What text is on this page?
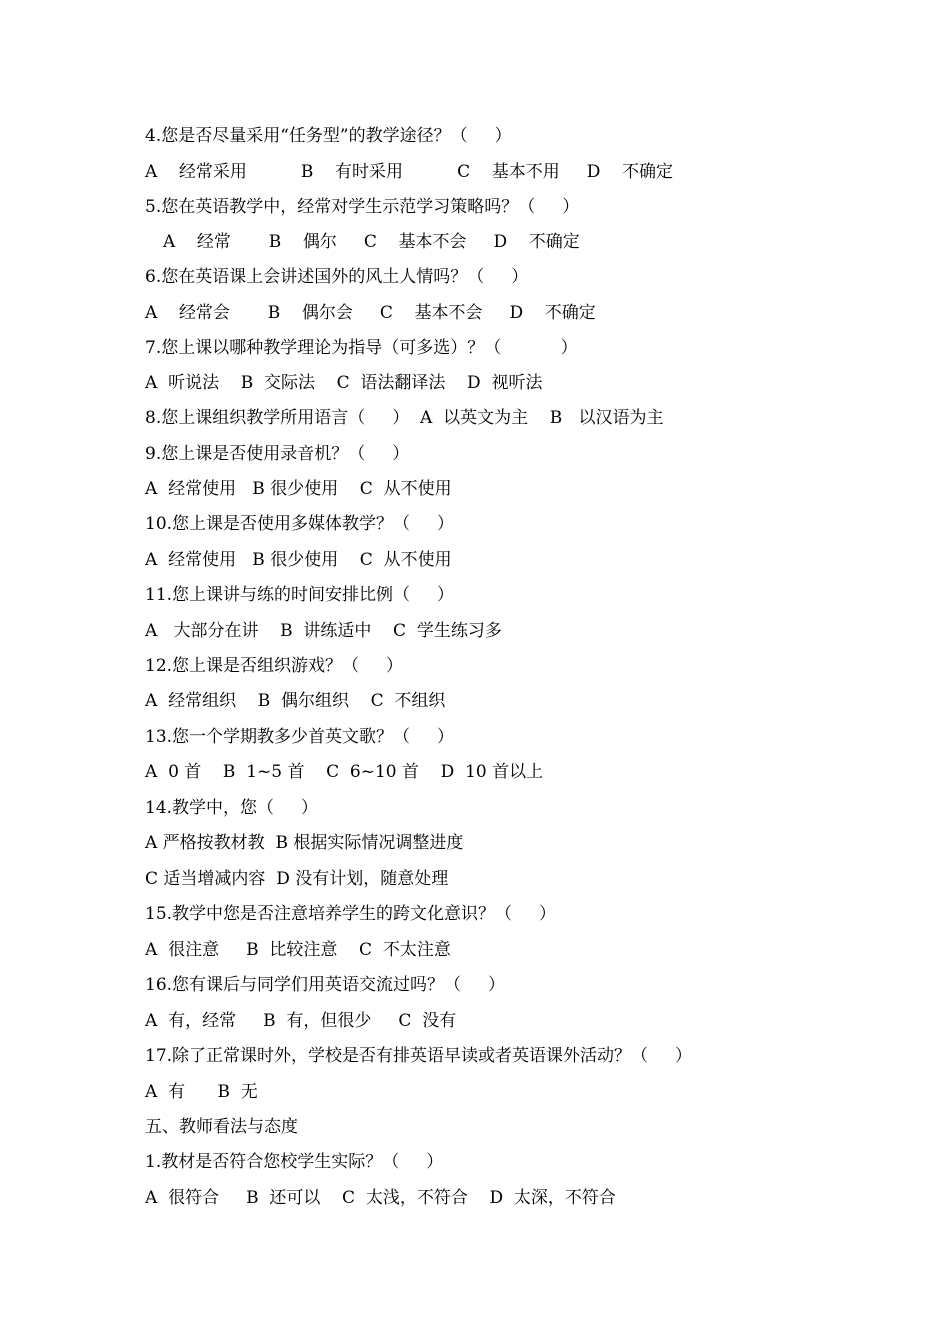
4.您是否尽量采用“任务型”的教学途径？（     ）
A    经常采用          B    有时采用          C    基本不用     D    不确定
5.您在英语教学中，经常对学生示范学习策略吗？（     ）
A    经常       B    偶尔     C    基本不会     D    不确定
6.您在英语课上会讲述国外的风土人情吗？（     ）
A    经常会       B    偶尔会     C    基本不会     D    不确定
7.您上课以哪种教学理论为指导（可多选）？（           ）
A  听说法    B  交际法    C  语法翻译法    D  视听法
8.您上课组织教学所用语言（     ）  A  以英文为主    B   以汉语为主
9.您上课是否使用录音机？（     ）
A  经常使用   B 很少使用    C  从不使用
10.您上课是否使用多媒体教学？（     ）
A  经常使用   B 很少使用    C  从不使用
11.您上课讲与练的时间安排比例（     ）
A   大部分在讲    B  讲练适中    C  学生练习多
12.您上课是否组织游戏？（     ）
A  经常组织    B  偶尔组织    C  不组织
13.您一个学期教多少首英文歌？（     ）
A  0 首    B  1~5 首    C  6~10 首    D  10 首以上
14.教学中，您（     ）
A 严格按教材教  B 根据实际情况调整进度
C 适当增减内容  D 没有计划，随意处理
15.教学中您是否注意培养学生的跨文化意识？（     ）
A  很注意     B  比较注意    C  不太注意
16.您有课后与同学们用英语交流过吗？（     ）
A  有，经常     B  有，但很少     C  没有
17.除了正常课时外，学校是否有排英语早读或者英语课外活动？（     ）
A  有      B  无
五、教师看法与态度
1.教材是否符合您校学生实际？（     ）
A  很符合     B  还可以    C  太浅，不符合    D  太深，不符合
